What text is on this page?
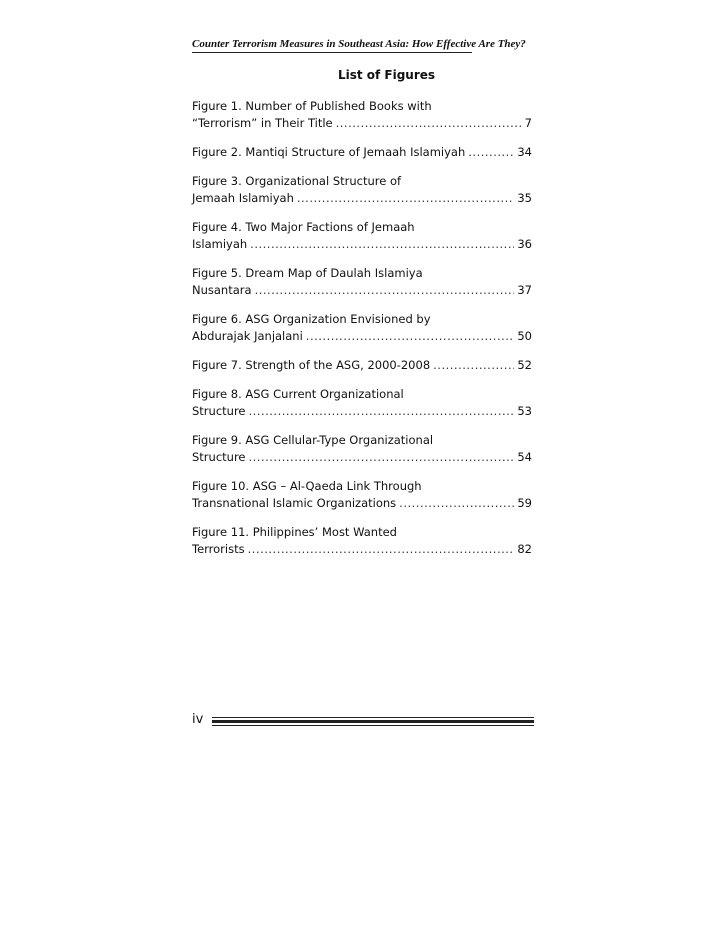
Counter Terrorism Measures in Southeast Asia: How Effective Are They?
List of Figures
Figure 1. Number of Published Books with
“Terrorism” in Their Title .....	7
Figure 2. Mantiqi Structure of Jemaah Islamiyah .....	34
Figure 3. Organizational Structure of
Jemaah Islamiyah .....	35
Figure 4. Two Major Factions of Jemaah
Islamiyah .....	36
Figure 5. Dream Map of Daulah Islamiya
Nusantara .....	37
Figure 6. ASG Organization Envisioned by
Abdurajak Janjalani .....	50
Figure 7. Strength of the ASG, 2000-2008 .....	52
Figure 8. ASG Current Organizational
Structure .....	53
Figure 9. ASG Cellular-Type Organizational
Structure .....	54
Figure 10. ASG – Al-Qaeda Link Through
Transnational Islamic Organizations .....	59
Figure 11. Philippines’ Most Wanted
Terrorists .....	82
iv
